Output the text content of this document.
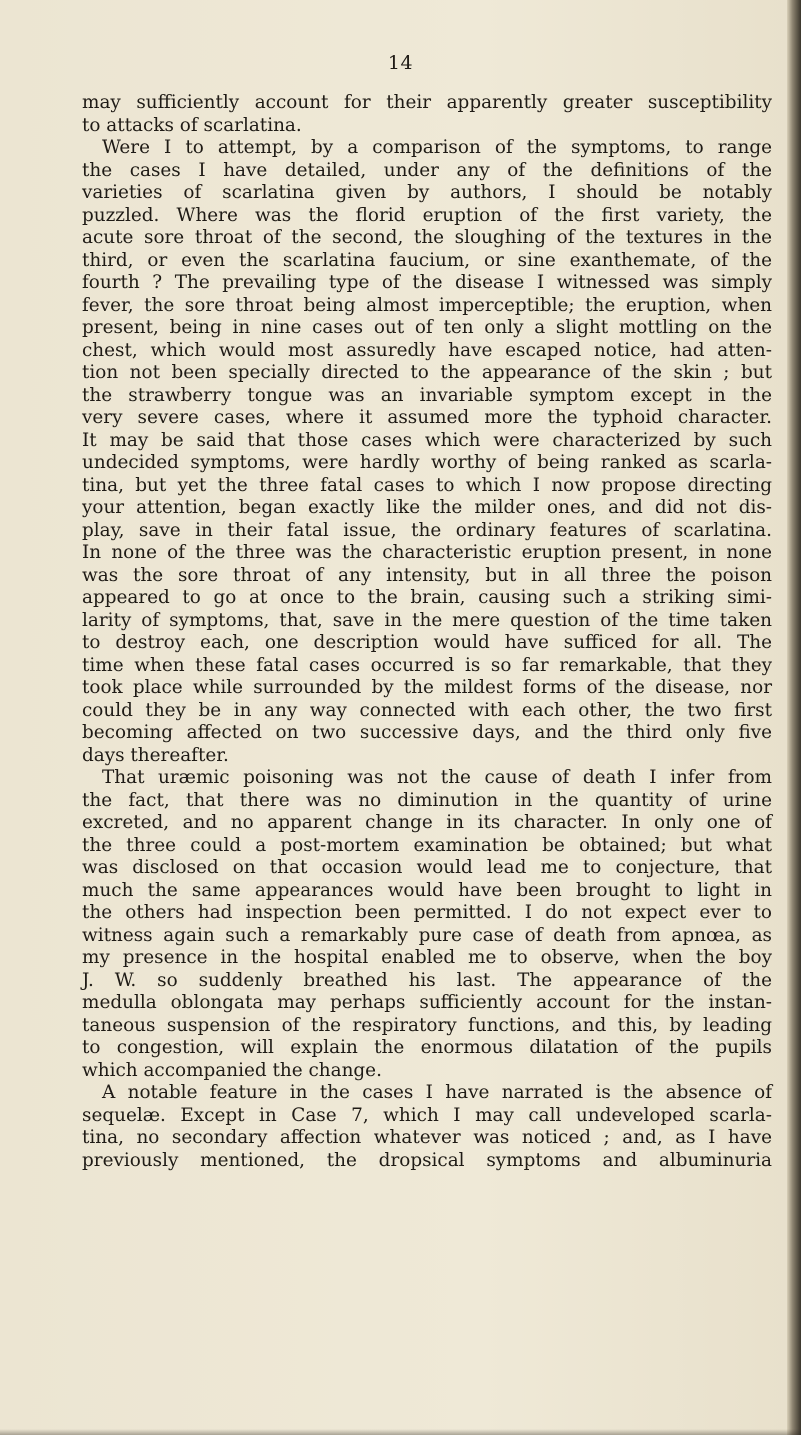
14
may sufficiently account for their apparently greater susceptibility
to attacks of scarlatina.
Were I to attempt, by a comparison of the symptoms, to range
the cases I have detailed, under any of the definitions of the
varieties of scarlatina given by authors, I should be notably
puzzled. Where was the florid eruption of the first variety, the
acute sore throat of the second, the sloughing of the textures in the
third, or even the scarlatina faucium, or sine exanthemate, of the
fourth ? The prevailing type of the disease I witnessed was simply
fever, the sore throat being almost imperceptible; the eruption, when
present, being in nine cases out of ten only a slight mottling on the
chest, which would most assuredly have escaped notice, had atten-
tion not been specially directed to the appearance of the skin ; but
the strawberry tongue was an invariable symptom except in the
very severe cases, where it assumed more the typhoid character.
It may be said that those cases which were characterized by such
undecided symptoms, were hardly worthy of being ranked as scarla-
tina, but yet the three fatal cases to which I now propose directing
your attention, began exactly like the milder ones, and did not dis-
play, save in their fatal issue, the ordinary features of scarlatina.
In none of the three was the characteristic eruption present, in none
was the sore throat of any intensity, but in all three the poison
appeared to go at once to the brain, causing such a striking simi-
larity of symptoms, that, save in the mere question of the time taken
to destroy each, one description would have sufficed for all. The
time when these fatal cases occurred is so far remarkable, that they
took place while surrounded by the mildest forms of the disease, nor
could they be in any way connected with each other, the two first
becoming affected on two successive days, and the third only five
days thereafter.
That uræmic poisoning was not the cause of death I infer from
the fact, that there was no diminution in the quantity of urine
excreted, and no apparent change in its character. In only one of
the three could a post-mortem examination be obtained; but what
was disclosed on that occasion would lead me to conjecture, that
much the same appearances would have been brought to light in
the others had inspection been permitted. I do not expect ever to
witness again such a remarkably pure case of death from apnœa, as
my presence in the hospital enabled me to observe, when the boy
J. W. so suddenly breathed his last. The appearance of the
medulla oblongata may perhaps sufficiently account for the instan-
taneous suspension of the respiratory functions, and this, by leading
to congestion, will explain the enormous dilatation of the pupils
which accompanied the change.
A notable feature in the cases I have narrated is the absence of
sequelæ. Except in Case 7, which I may call undeveloped scarla-
tina, no secondary affection whatever was noticed ; and, as I have
previously mentioned, the dropsical symptoms and albuminuria
